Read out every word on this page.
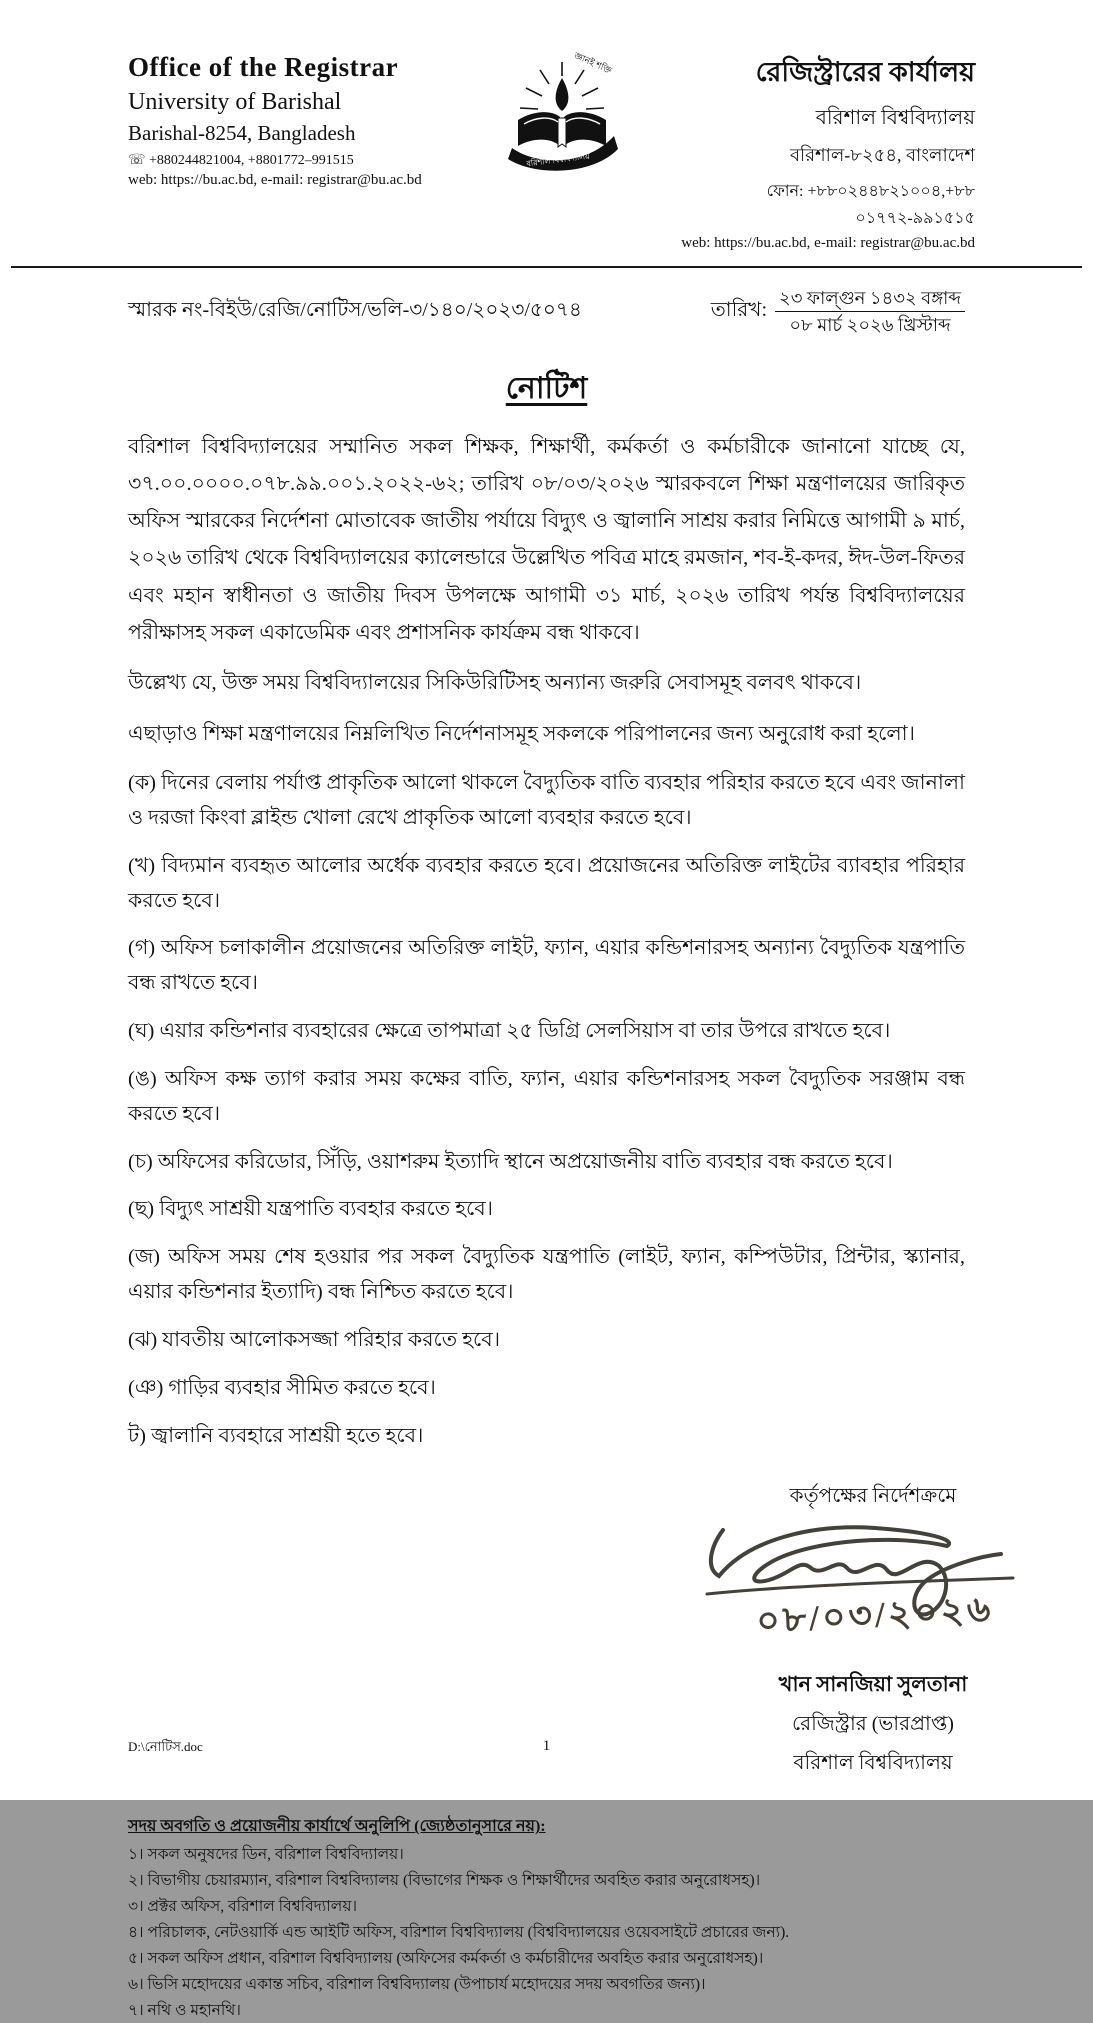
Office of the Registrar
University of Barishal
Barishal-8254, Bangladesh
☏ +880244821004, +8801772–991515
web: https://bu.ac.bd, e-mail: registrar@bu.ac.bd
বরিশাল বিশ্ববিদ্যালয়
জ্ঞানই শক্তি	রেজিস্ট্রারের কার্যালয়
বরিশাল বিশ্ববিদ্যালয়
বরিশাল-৮২৫৪, বাংলাদেশ
ফোন: +৮৮০২৪৪৮২১০০৪,+৮৮ ০১৭৭২-৯৯১৫১৫
web: https://bu.ac.bd, e-mail: registrar@bu.ac.bd
স্মারক নং-বিইউ/রেজি/নোটিস/ভলি-৩/১৪০/২০২৩/৫০৭৪	তারিখ: $\frac{\text{২৩ ফাল্গুন ১৪৩২ বঙ্গাব্দ}}{\text{০৮ মার্চ ২০২৬ খ্রিস্টাব্দ}}$
নোটিশ

বরিশাল বিশ্ববিদ্যালয়ের সম্মানিত সকল শিক্ষক, শিক্ষার্থী, কর্মকর্তা ও কর্মচারীকে জানানো যাচ্ছে যে, ৩৭.০০.০০০০.০৭৮.৯৯.০০১.২০২২-৬২; তারিখ ০৮/০৩/২০২৬ স্মারকবলে শিক্ষা মন্ত্রণালয়ের জারিকৃত অফিস স্মারকের নির্দেশনা মোতাবেক জাতীয় পর্যায়ে বিদ্যুৎ ও জ্বালানি সাশ্রয় করার নিমিত্তে আগামী ৯ মার্চ, ২০২৬ তারিখ থেকে বিশ্ববিদ্যালয়ের ক্যালেন্ডারে উল্লেখিত পবিত্র মাহে রমজান, শব-ই-কদর, ঈদ-উল-ফিতর এবং মহান স্বাধীনতা ও জাতীয় দিবস উপলক্ষে আগামী ৩১ মার্চ, ২০২৬ তারিখ পর্যন্ত বিশ্ববিদ্যালয়ের পরীক্ষাসহ সকল একাডেমিক এবং প্রশাসনিক কার্যক্রম বন্ধ থাকবে।

উল্লেখ্য যে, উক্ত সময় বিশ্ববিদ্যালয়ের সিকিউরিটিসহ অন্যান্য জরুরি সেবাসমূহ বলবৎ থাকবে।

এছাড়াও শিক্ষা মন্ত্রণালয়ের নিম্নলিখিত নির্দেশনাসমূহ সকলকে পরিপালনের জন্য অনুরোধ করা হলো।

(ক) দিনের বেলায় পর্যাপ্ত প্রাকৃতিক আলো থাকলে বৈদ্যুতিক বাতি ব্যবহার পরিহার করতে হবে এবং জানালা ও দরজা কিংবা ব্লাইন্ড খোলা রেখে প্রাকৃতিক আলো ব্যবহার করতে হবে।

(খ) বিদ্যমান ব্যবহৃত আলোর অর্ধেক ব্যবহার করতে হবে। প্রয়োজনের অতিরিক্ত লাইটের ব্যাবহার পরিহার করতে হবে।

(গ) অফিস চলাকালীন প্রয়োজনের অতিরিক্ত লাইট, ফ্যান, এয়ার কন্ডিশনারসহ অন্যান্য বৈদ্যুতিক যন্ত্রপাতি বন্ধ রাখতে হবে।

(ঘ) এয়ার কন্ডিশনার ব্যবহারের ক্ষেত্রে তাপমাত্রা ২৫ ডিগ্রি সেলসিয়াস বা তার উপরে রাখতে হবে।

(ঙ) অফিস কক্ষ ত্যাগ করার সময় কক্ষের বাতি, ফ্যান, এয়ার কন্ডিশনারসহ সকল বৈদ্যুতিক সরঞ্জাম বন্ধ করতে হবে।

(চ) অফিসের করিডোর, সিঁড়ি, ওয়াশরুম ইত্যাদি স্থানে অপ্রয়োজনীয় বাতি ব্যবহার বন্ধ করতে হবে।

(ছ) বিদ্যুৎ সাশ্রয়ী যন্ত্রপাতি ব্যবহার করতে হবে।

(জ) অফিস সময় শেষ হওয়ার পর সকল বৈদ্যুতিক যন্ত্রপাতি (লাইট, ফ্যান, কম্পিউটার, প্রিন্টার, স্ক্যানার, এয়ার কন্ডিশনার ইত্যাদি) বন্ধ নিশ্চিত করতে হবে।

(ঝ) যাবতীয় আলোকসজ্জা পরিহার করতে হবে।

(ঞ) গাড়ির ব্যবহার সীমিত করতে হবে।

ট) জ্বালানি ব্যবহারে সাশ্রয়ী হতে হবে।

কর্তৃপক্ষের নির্দেশক্রমে
০৮/০৩/২০২৬
খান সানজিয়া সুলতানা
রেজিস্ট্রার (ভারপ্রাপ্ত)
বরিশাল বিশ্ববিদ্যালয়

সদয় অবগতি ও প্রয়োজনীয় কার্যার্থে অনুলিপি (জ্যেষ্ঠতানুসারে নয়):

১। সকল অনুষদের ডিন, বরিশাল বিশ্ববিদ্যালয়।

২। বিভাগীয় চেয়ারম্যান, বরিশাল বিশ্ববিদ্যালয় (বিভাগের শিক্ষক ও শিক্ষার্থীদের অবহিত করার অনুরোধসহ)।

৩। প্রক্টর অফিস, বরিশাল বিশ্ববিদ্যালয়।

৪। পরিচালক, নেটওয়ার্কি এন্ড আইটি অফিস, বরিশাল বিশ্ববিদ্যালয় (বিশ্ববিদ্যালয়ের ওয়েবসাইটে প্রচারের জন্য).

৫। সকল অফিস প্রধান, বরিশাল বিশ্ববিদ্যালয় (অফিসের কর্মকর্তা ও কর্মচারীদের অবহিত করার অনুরোধসহ)।

৬। ভিসি মহোদয়ের একান্ত সচিব, বরিশাল বিশ্ববিদ্যালয় (উপাচার্য মহোদয়ের সদয় অবগতির জন্য)।

৭। নথি ও মহানথি।

D:\নোটিস.doc	1
